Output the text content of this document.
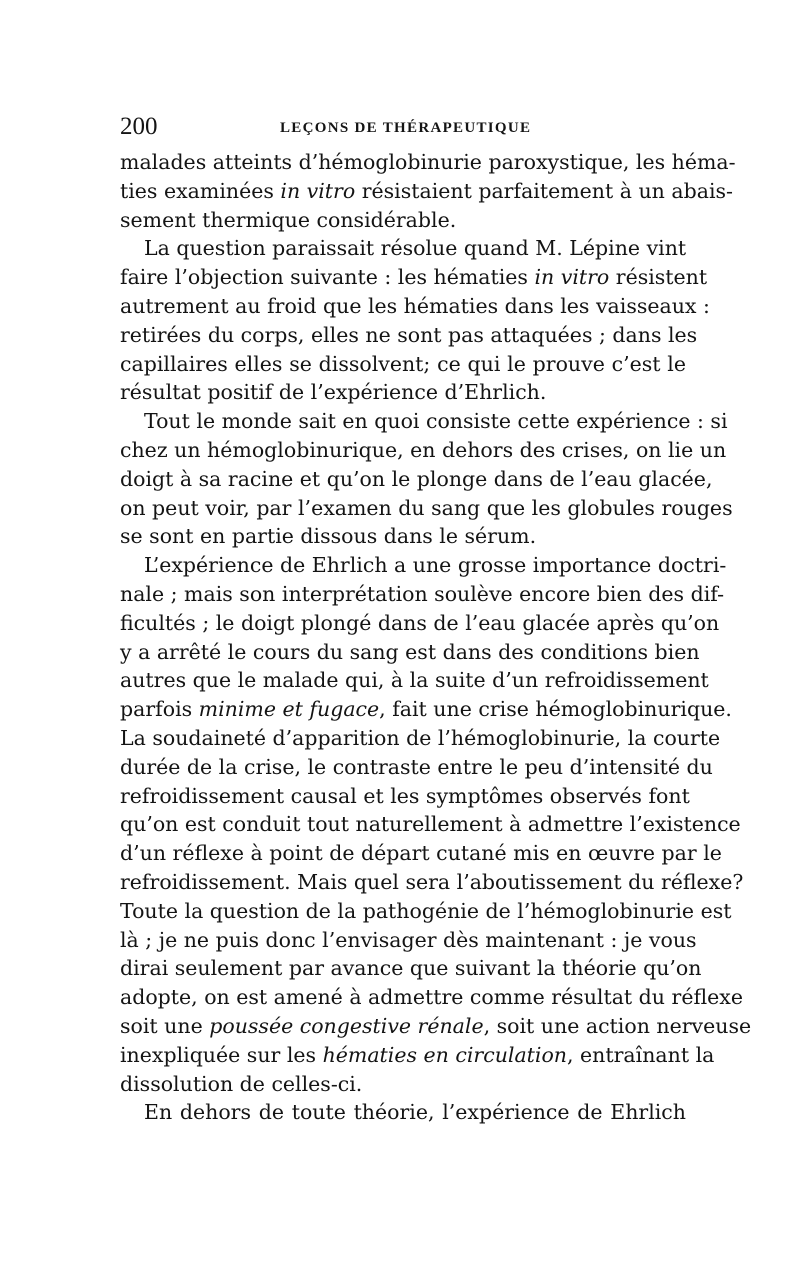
200	LEÇONS DE THÉRAPEUTIQUE
malades atteints d’hémoglobinurie paroxystique, les héma-
ties examinées in vitro résistaient parfaitement à un abais-
sement thermique considérable.
La question paraissait résolue quand M. Lépine vint
faire l’objection suivante : les hématies in vitro résistent
autrement au froid que les hématies dans les vaisseaux :
retirées du corps, elles ne sont pas attaquées ; dans les
capillaires elles se dissolvent; ce qui le prouve c’est le
résultat positif de l’expérience d’Ehrlich.
Tout le monde sait en quoi consiste cette expérience : si
chez un hémoglobinurique, en dehors des crises, on lie un
doigt à sa racine et qu’on le plonge dans de l’eau glacée,
on peut voir, par l’examen du sang que les globules rouges
se sont en partie dissous dans le sérum.
L’expérience de Ehrlich a une grosse importance doctri-
nale ; mais son interprétation soulève encore bien des dif-
ficultés ; le doigt plongé dans de l’eau glacée après qu’on
y a arrêté le cours du sang est dans des conditions bien
autres que le malade qui, à la suite d’un refroidissement
parfois minime et fugace, fait une crise hémoglobinurique.
La soudaineté d’apparition de l’hémoglobinurie, la courte
durée de la crise, le contraste entre le peu d’intensité du
refroidissement causal et les symptômes observés font
qu’on est conduit tout naturellement à admettre l’existence
d’un réflexe à point de départ cutané mis en œuvre par le
refroidissement. Mais quel sera l’aboutissement du réflexe?
Toute la question de la pathogénie de l’hémoglobinurie est
là ; je ne puis donc l’envisager dès maintenant : je vous
dirai seulement par avance que suivant la théorie qu’on
adopte, on est amené à admettre comme résultat du réflexe
soit une poussée congestive rénale, soit une action nerveuse
inexpliquée sur les hématies en circulation, entraînant la
dissolution de celles-ci.
En dehors de toute théorie, l’expérience de Ehrlich
